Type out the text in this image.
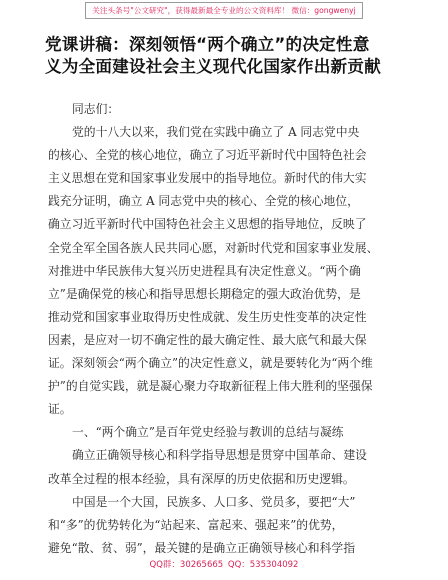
关注头条号"公文研究"，获得最新最全专业的公文资料库！ 微信：gongwenyj
党课讲稿：深刻领悟“两个确立”的决定性意
义为全面建设社会主义现代化国家作出新贡献
同志们：
党的十八大以来，我们党在实践中确立了 A 同志党中央
的核心、全党的核心地位，确立了习近平新时代中国特色社会
主义思想在党和国家事业发展中的指导地位。新时代的伟大实
践充分证明，确立 A 同志党中央的核心、全党的核心地位，
确立习近平新时代中国特色社会主义思想的指导地位，反映了
全党全军全国各族人民共同心愿，对新时代党和国家事业发展、
对推进中华民族伟大复兴历史进程具有决定性意义。“两个确
立”是确保党的核心和指导思想长期稳定的强大政治优势，是
推动党和国家事业取得历史性成就、发生历史性变革的决定性
因素，是应对一切不确定性的最大确定性、最大底气和最大保
证。深刻领会“两个确立”的决定性意义，就是要转化为“两个维
护”的自觉实践，就是凝心聚力夺取新征程上伟大胜利的坚强保
证。
一、“两个确立”是百年党史经验与教训的总结与凝练
确立正确领导核心和科学指导思想是贯穿中国革命、建设
改革全过程的根本经验，具有深厚的历史依据和历史逻辑。
中国是一个大国，民族多、人口多、党员多，要把“大”
和“多”的优势转化为“站起来、富起来、强起来”的优势，
避免“散、贫、弱”，最关键的是确立正确领导核心和科学指
QQ群：30265665 QQ：535304092
